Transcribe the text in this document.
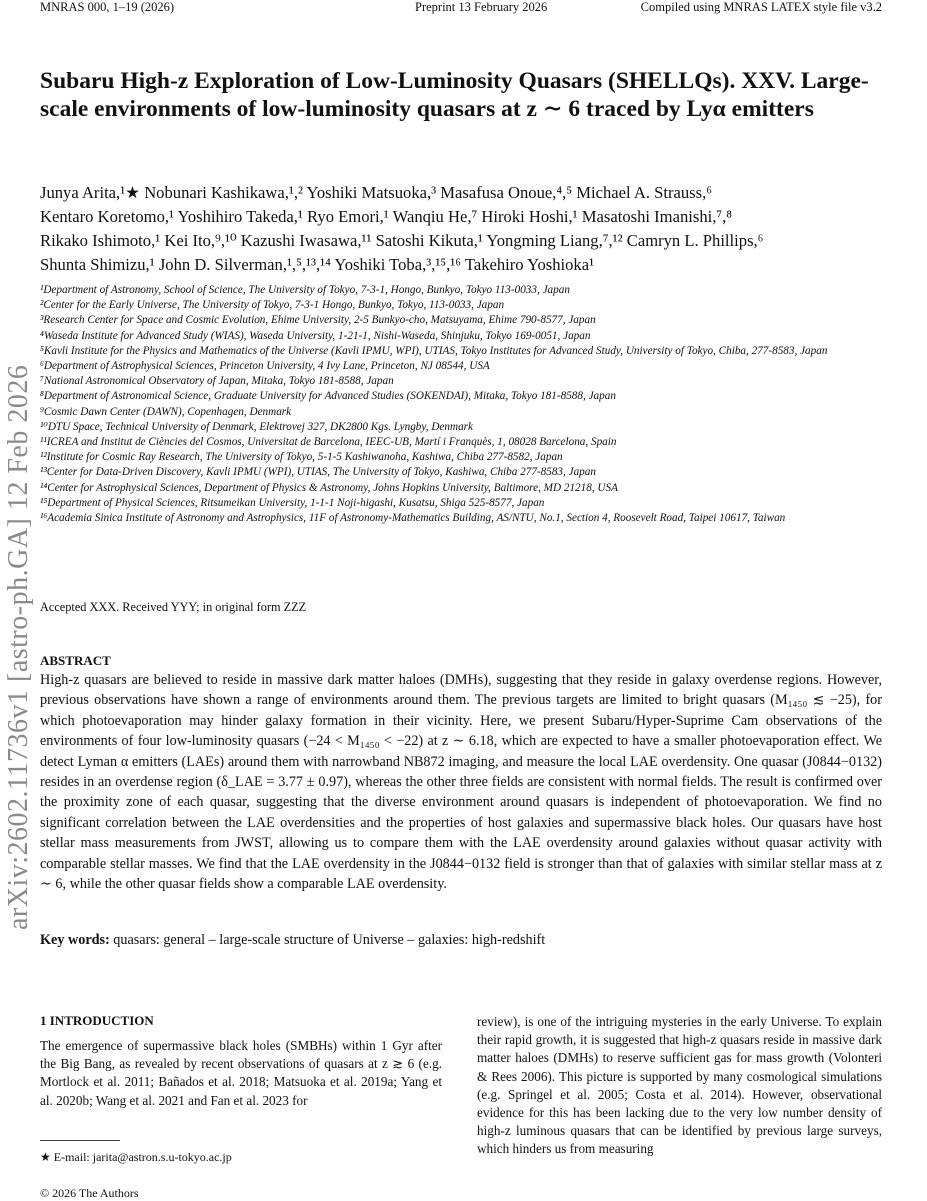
MNRAS 000, 1–19 (2026)	Preprint 13 February 2026	Compiled using MNRAS LATEX style file v3.2
arXiv:2602.11736v1 [astro-ph.GA] 12 Feb 2026
Subaru High-z Exploration of Low-Luminosity Quasars (SHELLQs). XXV. Large-scale environments of low-luminosity quasars at z ∼ 6 traced by Lyα emitters

Junya Arita,¹★ Nobunari Kashikawa,¹,² Yoshiki Matsuoka,³ Masafusa Onoue,⁴,⁵ Michael A. Strauss,⁶

Kentaro Koretomo,¹ Yoshihiro Takeda,¹ Ryo Emori,¹ Wanqiu He,⁷ Hiroki Hoshi,¹ Masatoshi Imanishi,⁷,⁸

Rikako Ishimoto,¹ Kei Ito,⁹,¹⁰ Kazushi Iwasawa,¹¹ Satoshi Kikuta,¹ Yongming Liang,⁷,¹² Camryn L. Phillips,⁶

Shunta Shimizu,¹ John D. Silverman,¹,⁵,¹³,¹⁴ Yoshiki Toba,³,¹⁵,¹⁶ Takehiro Yoshioka¹

¹Department of Astronomy, School of Science, The University of Tokyo, 7-3-1, Hongo, Bunkyo, Tokyo 113-0033, Japan

²Center for the Early Universe, The University of Tokyo, 7-3-1 Hongo, Bunkyo, Tokyo, 113-0033, Japan

³Research Center for Space and Cosmic Evolution, Ehime University, 2-5 Bunkyo-cho, Matsuyama, Ehime 790-8577, Japan

⁴Waseda Institute for Advanced Study (WIAS), Waseda University, 1-21-1, Nishi-Waseda, Shinjuku, Tokyo 169-0051, Japan

⁵Kavli Institute for the Physics and Mathematics of the Universe (Kavli IPMU, WPI), UTIAS, Tokyo Institutes for Advanced Study, University of Tokyo, Chiba, 277-8583, Japan

⁶Department of Astrophysical Sciences, Princeton University, 4 Ivy Lane, Princeton, NJ 08544, USA

⁷National Astronomical Observatory of Japan, Mitaka, Tokyo 181-8588, Japan

⁸Department of Astronomical Science, Graduate University for Advanced Studies (SOKENDAI), Mitaka, Tokyo 181-8588, Japan

⁹Cosmic Dawn Center (DAWN), Copenhagen, Denmark

¹⁰DTU Space, Technical University of Denmark, Elektrovej 327, DK2800 Kgs. Lyngby, Denmark

¹¹ICREA and Institut de Ciències del Cosmos, Universitat de Barcelona, IEEC-UB, Martí i Franquès, 1, 08028 Barcelona, Spain

¹²Institute for Cosmic Ray Research, The University of Tokyo, 5-1-5 Kashiwanoha, Kashiwa, Chiba 277-8582, Japan

¹³Center for Data-Driven Discovery, Kavli IPMU (WPI), UTIAS, The University of Tokyo, Kashiwa, Chiba 277-8583, Japan

¹⁴Center for Astrophysical Sciences, Department of Physics & Astronomy, Johns Hopkins University, Baltimore, MD 21218, USA

¹⁵Department of Physical Sciences, Ritsumeikan University, 1-1-1 Noji-higashi, Kusatsu, Shiga 525-8577, Japan

¹⁶Academia Sinica Institute of Astronomy and Astrophysics, 11F of Astronomy-Mathematics Building, AS/NTU, No.1, Section 4, Roosevelt Road, Taipei 10617, Taiwan

Accepted XXX. Received YYY; in original form ZZZ
ABSTRACT

High-z quasars are believed to reside in massive dark matter haloes (DMHs), suggesting that they reside in galaxy overdense regions. However, previous observations have shown a range of environments around them. The previous targets are limited to bright quasars (M₁₄₅₀ ≲ −25), for which photoevaporation may hinder galaxy formation in their vicinity. Here, we present Subaru/Hyper-Suprime Cam observations of the environments of four low-luminosity quasars (−24 < M₁₄₅₀ < −22) at z ∼ 6.18, which are expected to have a smaller photoevaporation effect. We detect Lyman α emitters (LAEs) around them with narrowband NB872 imaging, and measure the local LAE overdensity. One quasar (J0844−0132) resides in an overdense region (δ_LAE = 3.77 ± 0.97), whereas the other three fields are consistent with normal fields. The result is confirmed over the proximity zone of each quasar, suggesting that the diverse environment around quasars is independent of photoevaporation. We find no significant correlation between the LAE overdensities and the properties of host galaxies and supermassive black holes. Our quasars have host stellar mass measurements from JWST, allowing us to compare them with the LAE overdensity around galaxies without quasar activity with comparable stellar masses. We find that the LAE overdensity in the J0844−0132 field is stronger than that of galaxies with similar stellar mass at z ∼ 6, while the other quasar fields show a comparable LAE overdensity.

Key words: quasars: general – large-scale structure of Universe – galaxies: high-redshift
1 INTRODUCTION

The emergence of supermassive black holes (SMBHs) within 1 Gyr after the Big Bang, as revealed by recent observations of quasars at z ≳ 6 (e.g. Mortlock et al. 2011; Bañados et al. 2018; Matsuoka et al. 2019a; Yang et al. 2020b; Wang et al. 2021 and Fan et al. 2023 for

review), is one of the intriguing mysteries in the early Universe. To explain their rapid growth, it is suggested that high-z quasars reside in massive dark matter haloes (DMHs) to reserve sufficient gas for mass growth (Volonteri & Rees 2006). This picture is supported by many cosmological simulations (e.g. Springel et al. 2005; Costa et al. 2014). However, observational evidence for this has been lacking due to the very low number density of high-z luminous quasars that can be identified by previous large surveys, which hinders us from measuring

★ E-mail: jarita@astron.s.u-tokyo.ac.jp
© 2026 The Authors
